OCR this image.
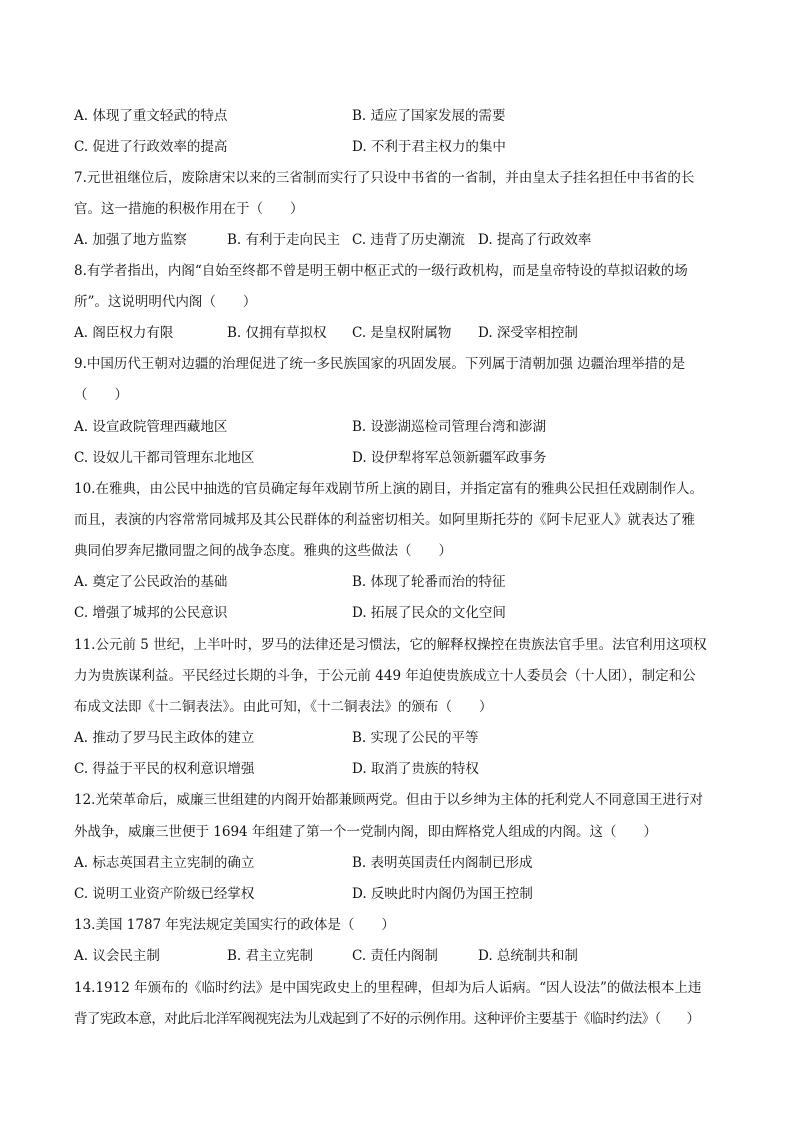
A. 体现了重文轻武的特点	B. 适应了国家发展的需要
C. 促进了行政效率的提高	D. 不利于君主权力的集中
7.元世祖继位后，废除唐宋以来的三省制而实行了只设中书省的一省制，并由皇太子挂名担任中书省的长
官。这一措施的积极作用在于（　　）
A. 加强了地方监察	B. 有利于走向民主 C. 违背了历史潮流 D. 提高了行政效率
8.有学者指出，内阁“自始至终都不曾是明王朝中枢正式的一级行政机构，而是皇帝特设的草拟诏敕的场
所”。这说明明代内阁（　　）
A. 阁臣权力有限	B. 仅拥有草拟权 C. 是皇权附属物 D. 深受宰相控制
9.中国历代王朝对边疆的治理促进了统一多民族国家的巩固发展。下列属于清朝加强 边疆治理举措的是
（　　）
A. 设宣政院管理西藏地区	B. 设澎湖巡检司管理台湾和澎湖
C. 设奴儿干都司管理东北地区	D. 设伊犁将军总领新疆军政事务
10.在雅典，由公民中抽选的官员确定每年戏剧节所上演的剧目，并指定富有的雅典公民担任戏剧制作人。
而且，表演的内容常常同城邦及其公民群体的利益密切相关。如阿里斯托芬的《阿卡尼亚人》就表达了雅
典同伯罗奔尼撒同盟之间的战争态度。雅典的这些做法（　　）
A. 奠定了公民政治的基础	B. 体现了轮番而治的特征
C. 增强了城邦的公民意识	D. 拓展了民众的文化空间
11.公元前 5 世纪，上半叶时，罗马的法律还是习惯法，它的解释权操控在贵族法官手里。法官利用这项权
力为贵族谋利益。平民经过长期的斗争，于公元前 449 年迫使贵族成立十人委员会（十人团），制定和公
布成文法即《十二铜表法》。由此可知，《十二铜表法》的颁布（　　）
A. 推动了罗马民主政体的建立	B. 实现了公民的平等
C. 得益于平民的权利意识增强	D. 取消了贵族的特权
12.光荣革命后，威廉三世组建的内阁开始都兼顾两党。但由于以乡绅为主体的托利党人不同意国王进行对
外战争，威廉三世便于 1694 年组建了第一个一党制内阁，即由辉格党人组成的内阁。这（　　）
A. 标志英国君主立宪制的确立	B. 表明英国责任内阁制已形成
C. 说明工业资产阶级已经掌权	D. 反映此时内阁仍为国王控制
13.美国 1787 年宪法规定美国实行的政体是（　　）
A. 议会民主制	B. 君主立宪制	C. 责任内阁制	D. 总统制共和制
14.1912 年颁布的《临时约法》是中国宪政史上的里程碑，但却为后人诟病。“因人设法”的做法根本上违
背了宪政本意，对此后北洋军阀视宪法为儿戏起到了不好的示例作用。这种评价主要基于《临时约法》（　　）
